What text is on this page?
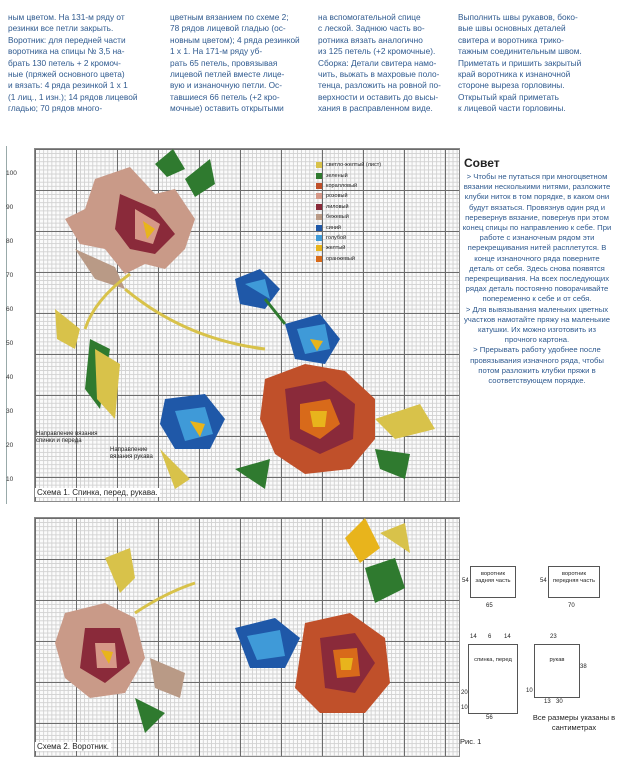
ным цветом. На 131-м ряду от

резинки все петли закрыть.

Воротник: для передней части

воротника на спицы № 3,5 на-

брать 130 петель + 2 кромоч-

ные (пряжей основного цвета)

и вязать: 4 ряда резинкой 1 х 1

(1 лиц., 1 изн.); 14 рядов лицевой

гладью; 70 рядов много-

цветным вязанием по схеме 2;

78 рядов лицевой гладью (ос-

новным цветом); 4 ряда резинкой

1 х 1. На 171-м ряду уб-

рать 65 петель, провязывая

лицевой петлей вместе лице-

вую и изнаночную петли. Ос-

тавшиеся 66 петель (+2 кро-

мочные) оставить открытыми

на вспомогательной спице

с леской. Заднюю часть во-

ротника вязать аналогично

из 125 петель (+2 кромочные).

Сборка: Детали свитера намо-

чить, выжать в махровые поло-

тенца, разложить на ровной по-

верхности и оставить до высы-

хания в расправленном виде.

Выполнить швы рукавов, боко-

вые швы основных деталей

свитера и воротника трико-

тажным соединительным швом.

Приметать и пришить закрытый

край воротника к изнаночной

стороне выреза горловины.

Открытый край приметать

к лицевой части горловины.

100
90
80
70
60
50
40
30
20
10
Направление вязания спинки и переда
Направление вязания рукава
Схема 1. Спинка, перед, рукава.
светло-желтый (лист)
зеленый
коралловый
розовый
лиловый
бежевый
синий
голубой
желтый
оранжевый
Схема 2. Воротник.
Совет

> Чтобы не путаться при многоцветном вязании несколькими нитями, разложите клубки ниток в том порядке, в каком они будут вязаться. Провязнув один ряд и перевернув вязание, повернув при этом конец спицы по направлению к себе. При работе с изнаночным рядом эти перекрещивания нитей расплетутся. В конце изнаночного ряда поверните деталь от себя. Здесь снова появятся перекрещивания. На всех последующих рядах деталь постоянно поворачивайте попеременно к себе и от себя.

> Для вывязывания маленьких цветных участков намотайте пряжу на маленькие катушки. Их можно изготовить из прочного картона.

> Прерывать работу удобнее после провязывания изначного ряда, чтобы потом разложить клубки пряжи в соответствующем порядке.

воротник задняя часть
воротник передняя часть
спинка, перед	рукав
54
65
54
70
14 6 14	23
38
20
10
56
10
13 30
Все размеры указаны в сантиметрах
Рис. 1
